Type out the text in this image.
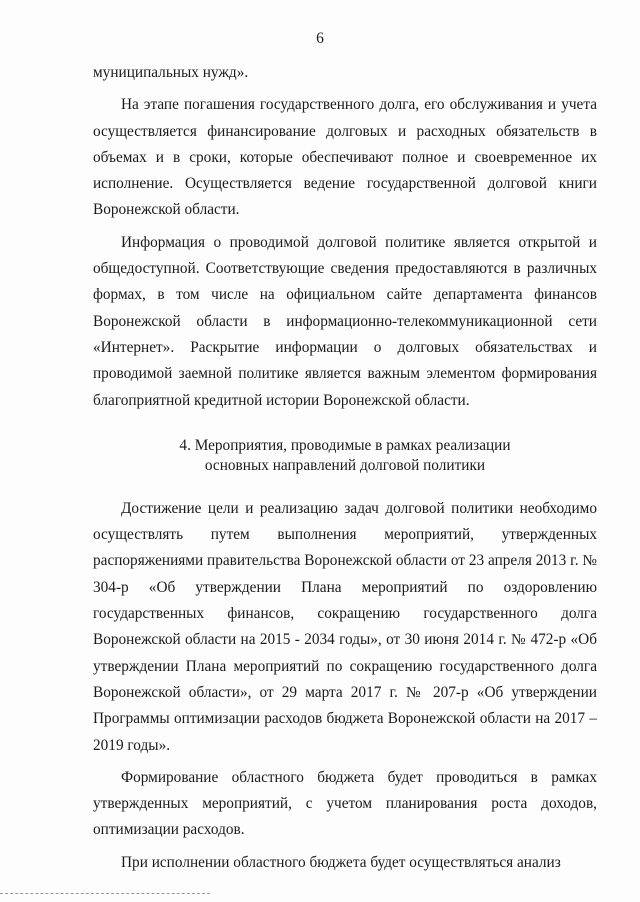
6

муниципальных нужд».

На этапе погашения государственного долга, его обслуживания и учета осуществляется финансирование долговых и расходных обязательств в объемах и в сроки, которые обеспечивают полное и своевременное их исполнение. Осуществляется ведение государственной долговой книги Воронежской области.

Информация о проводимой долговой политике является открытой и общедоступной. Соответствующие сведения предоставляются в различных формах, в том числе на официальном сайте департамента финансов Воронежской области в информационно-телекоммуникационной сети «Интернет». Раскрытие информации о долговых обязательствах и проводимой заемной политике является важным элементом формирования благоприятной кредитной истории Воронежской области.

4. Мероприятия, проводимые в рамках реализации
основных направлений долговой политики

Достижение цели и реализацию задач долговой политики необходимо осуществлять путем выполнения мероприятий, утвержденных распоряжениями правительства Воронежской области от 23 апреля 2013 г. № 304-р «Об утверждении Плана мероприятий по оздоровлению государственных финансов, сокращению государственного долга Воронежской области на 2015 - 2034 годы», от 30 июня 2014 г. № 472-р «Об утверждении Плана мероприятий по сокращению государственного долга Воронежской области», от 29 марта 2017 г. № 207-р «Об утверждении Программы оптимизации расходов бюджета Воронежской области на 2017 – 2019 годы».

Формирование областного бюджета будет проводиться в рамках утвержденных мероприятий, с учетом планирования роста доходов, оптимизации расходов.

При исполнении областного бюджета будет осуществляться анализ
